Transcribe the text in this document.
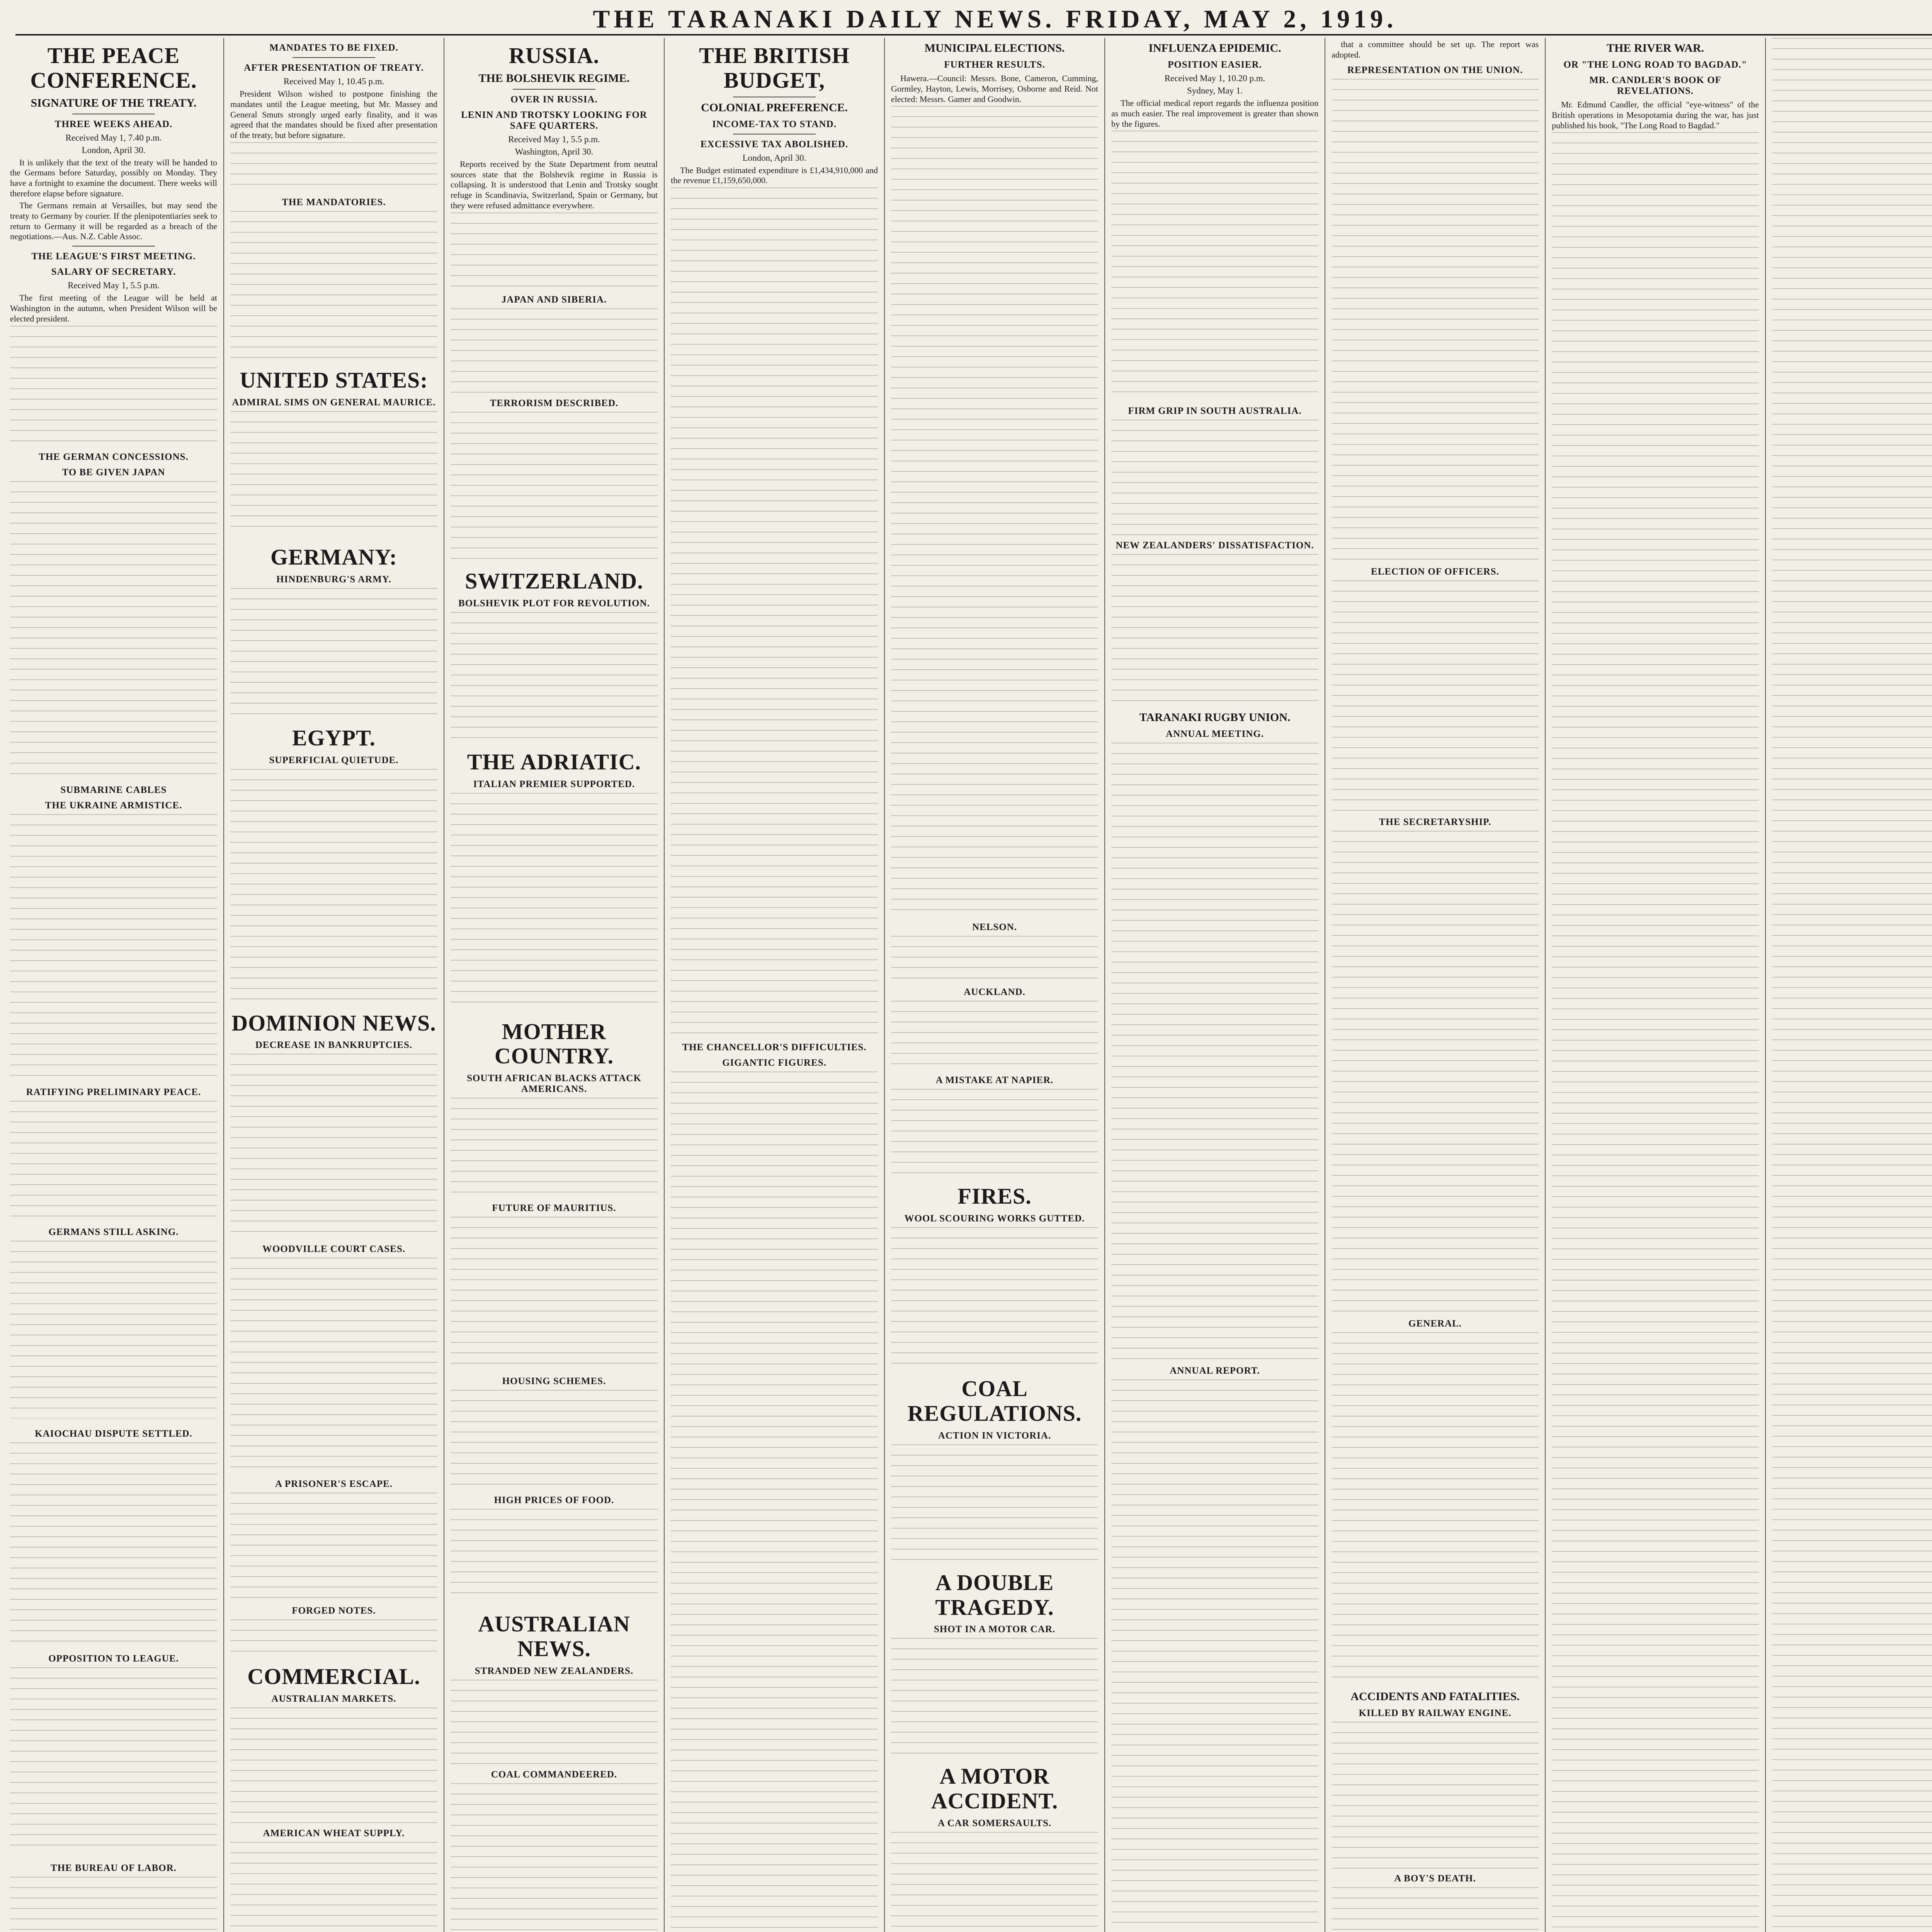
THE TARANAKI DAILY NEWS. FRIDAY, MAY 2, 1919.
THE PEACE CONFERENCE.
SIGNATURE OF THE TREATY.
THREE WEEKS AHEAD.
Received May 1, 7.40 p.m.
London, April 30.
It is unlikely that the text of the treaty will be handed to the Germans before Saturday, possibly on Monday. They have a fortnight to examine the document. There weeks will therefore elapse before signature.
The Germans remain at Versailles, but may send the treaty to Germany by courier. If the plenipotentiaries seek to return to Germany it will be regarded as a breach of the negotiations.—Aus. N.Z. Cable Assoc.
THE LEAGUE'S FIRST MEETING.
SALARY OF SECRETARY.
Received May 1, 5.5 p.m.
The first meeting of the League will be held at Washington in the autumn, when President Wilson will be elected president.
THE GERMAN CONCESSIONS.
TO BE GIVEN JAPAN
SUBMARINE CABLES
THE UKRAINE ARMISTICE.
RATIFYING PRELIMINARY PEACE.
GERMANS STILL ASKING.
KAIOCHAU DISPUTE SETTLED.
OPPOSITION TO LEAGUE.
THE BUREAU OF LABOR.
MANDATES TO BE FIXED.
AFTER PRESENTATION OF TREATY.
Received May 1, 10.45 p.m.
President Wilson wished to postpone finishing the mandates until the League meeting, but Mr. Massey and General Smuts strongly urged early finality, and it was agreed that the mandates should be fixed after presentation of the treaty, but before signature.
THE MANDATORIES.
UNITED STATES:
ADMIRAL SIMS ON GENERAL MAURICE.
GERMANY:
HINDENBURG'S ARMY.
EGYPT.
SUPERFICIAL QUIETUDE.
DOMINION NEWS.
DECREASE IN BANKRUPTCIES.
WOODVILLE COURT CASES.
A PRISONER'S ESCAPE.
FORGED NOTES.
COMMERCIAL.
AUSTRALIAN MARKETS.
AMERICAN WHEAT SUPPLY.
RUSSIA.
THE BOLSHEVIK REGIME.
OVER IN RUSSIA.
LENIN AND TROTSKY LOOKING FOR SAFE QUARTERS.
Received May 1, 5.5 p.m.
Washington, April 30.
Reports received by the State Department from neutral sources state that the Bolshevik regime in Russia is collapsing. It is understood that Lenin and Trotsky sought refuge in Scandinavia, Switzerland, Spain or Germany, but they were refused admittance everywhere.
JAPAN AND SIBERIA.
TERRORISM DESCRIBED.
SWITZERLAND.
BOLSHEVIK PLOT FOR REVOLUTION.
THE ADRIATIC.
ITALIAN PREMIER SUPPORTED.
MOTHER COUNTRY.
SOUTH AFRICAN BLACKS ATTACK AMERICANS.
FUTURE OF MAURITIUS.
HOUSING SCHEMES.
HIGH PRICES OF FOOD.
AUSTRALIAN NEWS.
STRANDED NEW ZEALANDERS.
COAL COMMANDEERED.
THE BRITISH BUDGET,
COLONIAL PREFERENCE.
INCOME-TAX TO STAND.
EXCESSIVE TAX ABOLISHED.
London, April 30.
The Budget estimated expenditure is £1,434,910,000 and the revenue £1,159,650,000.
THE CHANCELLOR'S DIFFICULTIES.
GIGANTIC FIGURES.
MUNICIPAL ELECTIONS.
FURTHER RESULTS.
Hawera.—Council: Messrs. Bone, Cameron, Cumming, Gormley, Hayton, Lewis, Morrisey, Osborne and Reid. Not elected: Messrs. Gamer and Goodwin.
NELSON.
AUCKLAND.
A MISTAKE AT NAPIER.
FIRES.
WOOL SCOURING WORKS GUTTED.
COAL REGULATIONS.
ACTION IN VICTORIA.
A DOUBLE TRAGEDY.
SHOT IN A MOTOR CAR.
A MOTOR ACCIDENT.
A CAR SOMERSAULTS.
INFLUENZA EPIDEMIC.
POSITION EASIER.
Received May 1, 10.20 p.m.
Sydney, May 1.
The official medical report regards the influenza position as much easier. The real improvement is greater than shown by the figures.
FIRM GRIP IN SOUTH AUSTRALIA.
NEW ZEALANDERS' DISSATISFACTION.
TARANAKI RUGBY UNION.
ANNUAL MEETING.
ANNUAL REPORT.
that a committee should be set up. The report was adopted.
REPRESENTATION ON THE UNION.
ELECTION OF OFFICERS.
THE SECRETARYSHIP.
GENERAL.
ACCIDENTS AND FATALITIES.
KILLED BY RAILWAY ENGINE.
A BOY'S DEATH.
THE RIVER WAR.
OR "THE LONG ROAD TO BAGDAD."
MR. CANDLER'S BOOK OF REVELATIONS.
Mr. Edmund Candler, the official "eye-witness" of the British operations in Mesopotamia during the war, has just published his book, "The Long Road to Bagdad."
